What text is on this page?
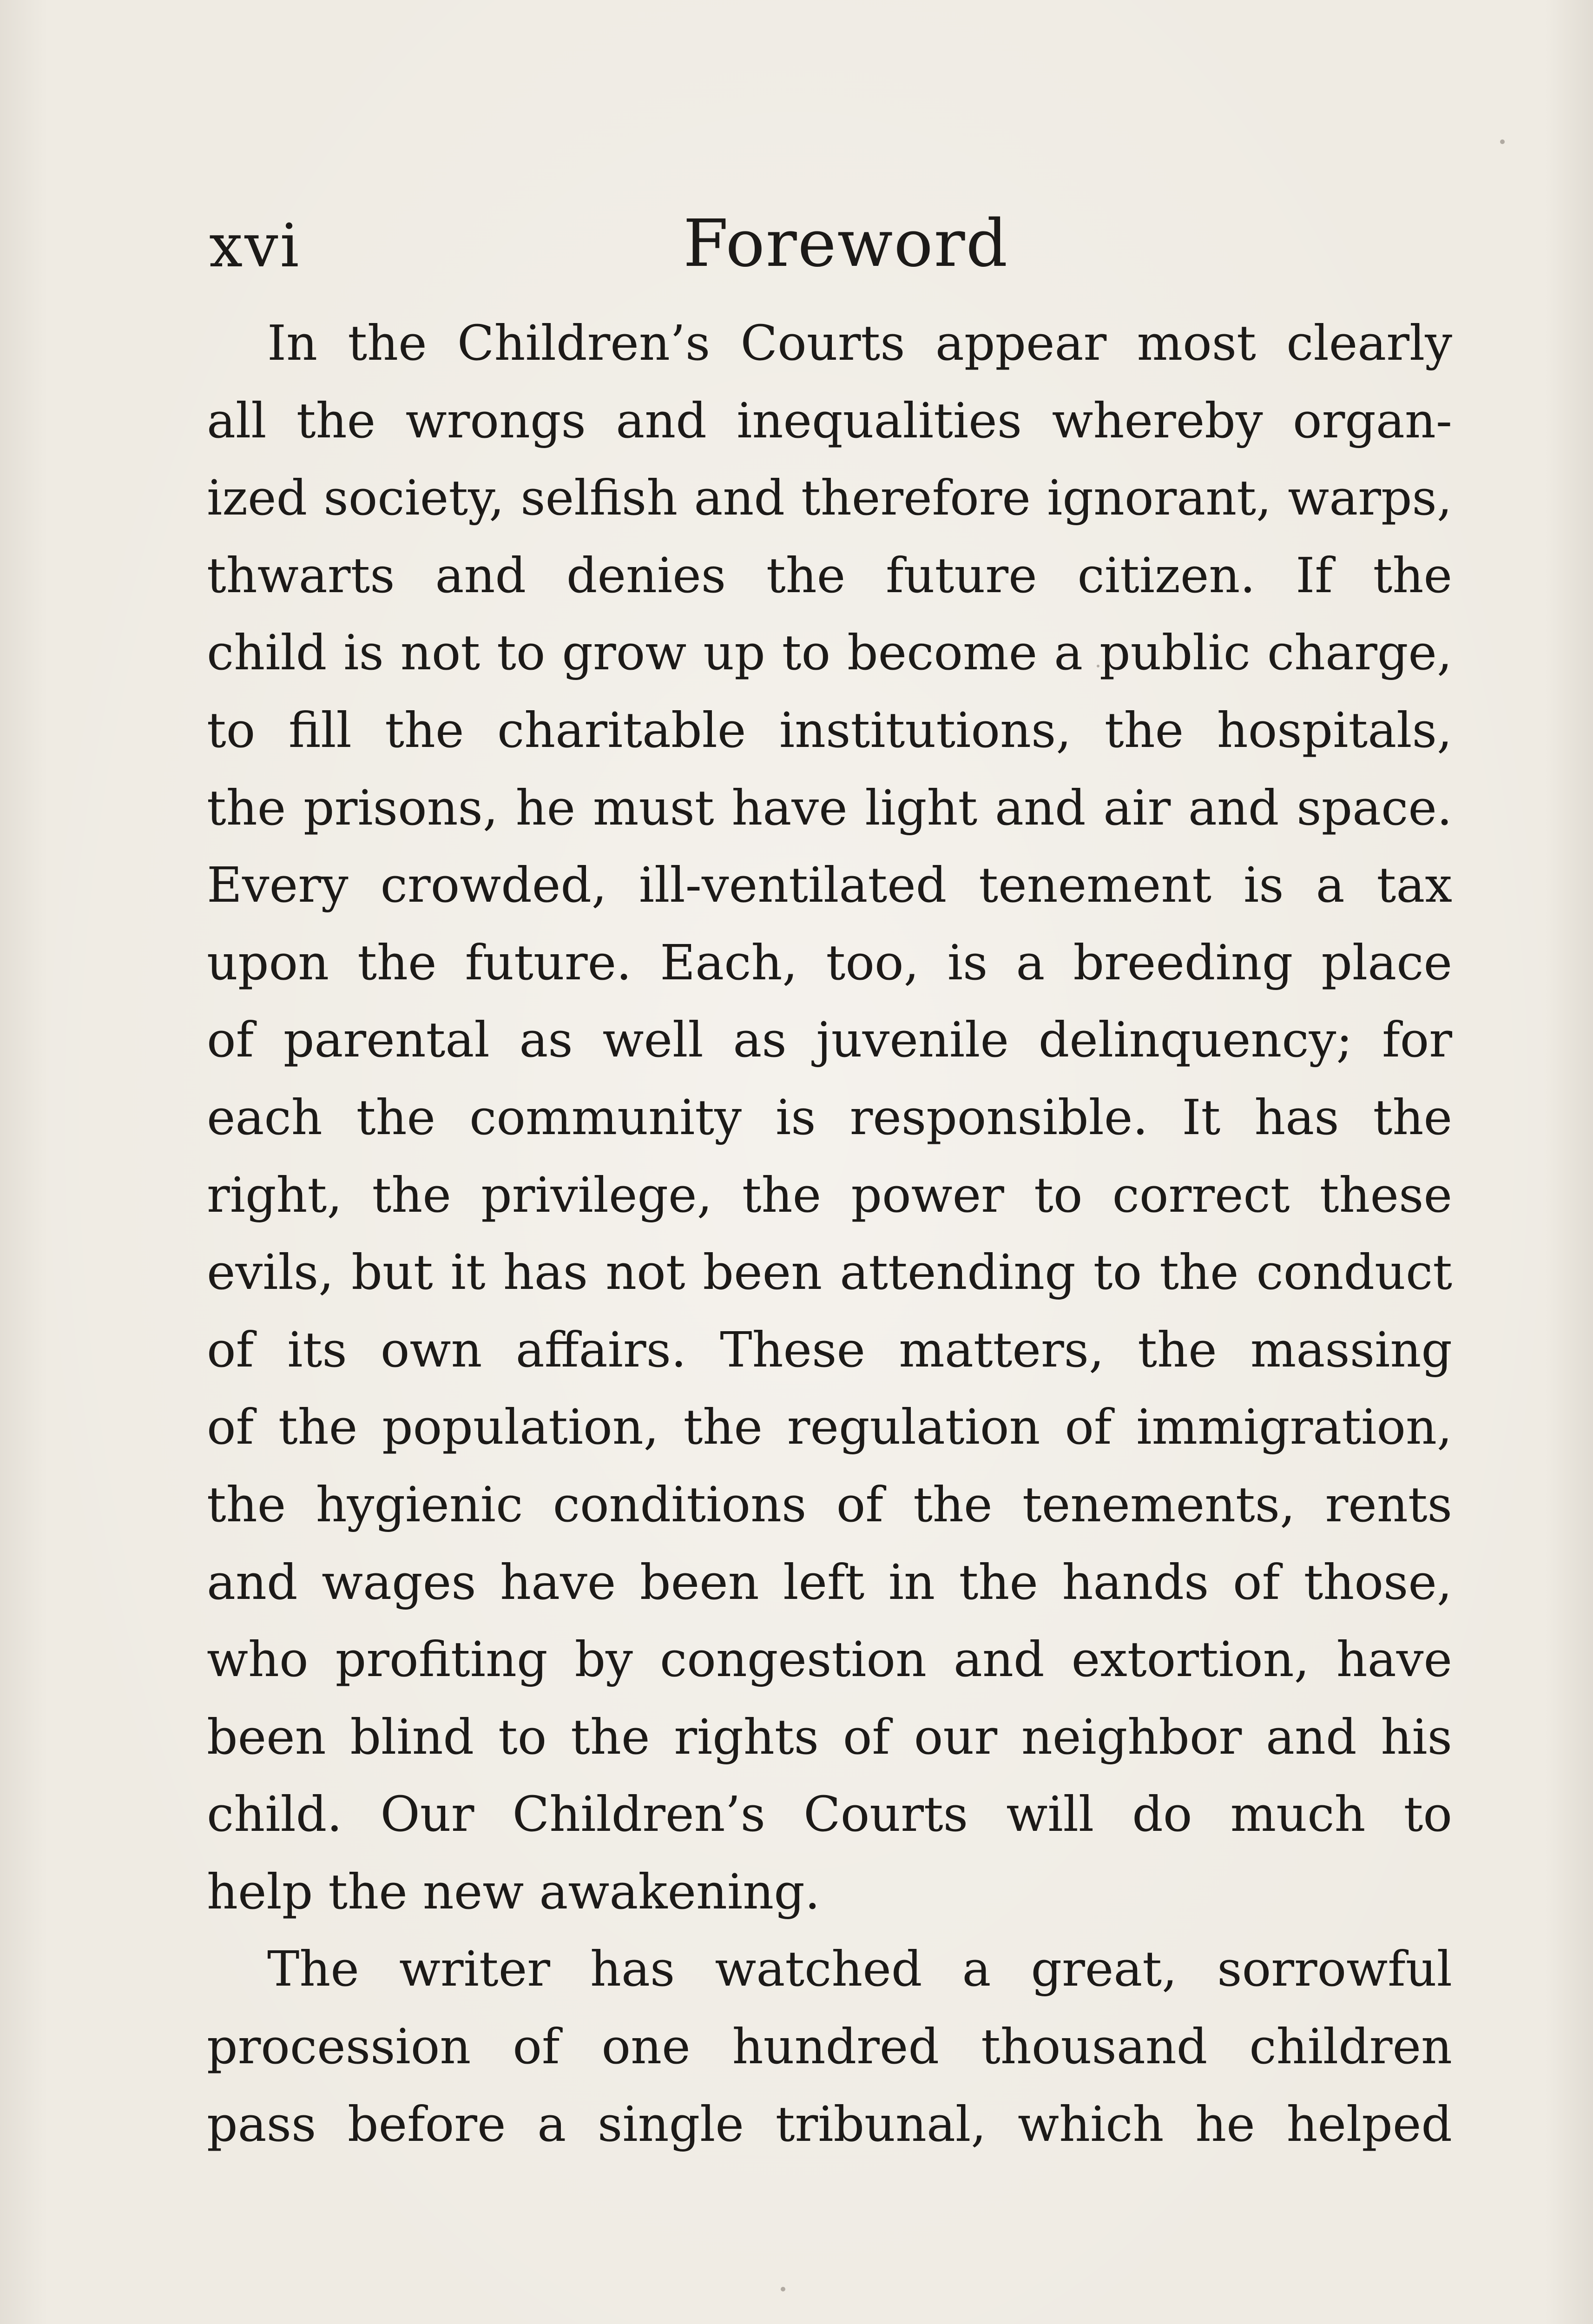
xvi	Foreword
In the Children’s Courts appear most clearly
all the wrongs and inequalities whereby organ-
ized society, selfish and therefore ignorant, warps,
thwarts and denies the future citizen. If the
child is not to grow up to become a public charge,
to fill the charitable institutions, the hospitals,
the prisons, he must have light and air and space.
Every crowded, ill-ventilated tenement is a tax
upon the future. Each, too, is a breeding place
of parental as well as juvenile delinquency; for
each the community is responsible. It has the
right, the privilege, the power to correct these
evils, but it has not been attending to the conduct
of its own affairs. These matters, the massing
of the population, the regulation of immigration,
the hygienic conditions of the tenements, rents
and wages have been left in the hands of those,
who profiting by congestion and extortion, have
been blind to the rights of our neighbor and his
child. Our Children’s Courts will do much to
help the new awakening.
The writer has watched a great, sorrowful
procession of one hundred thousand children
pass before a single tribunal, which he helped
